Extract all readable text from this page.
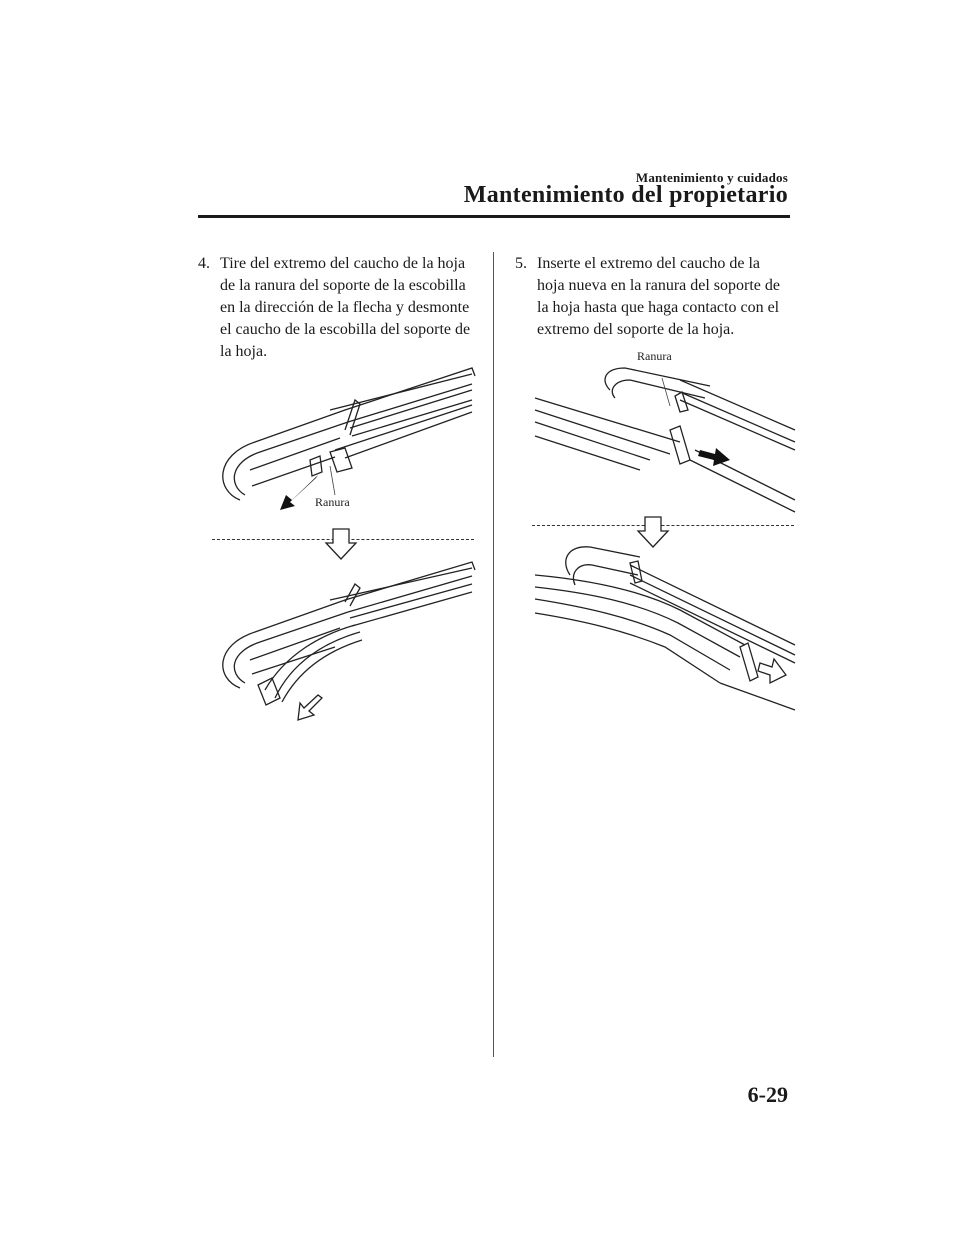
Mantenimiento y cuidados
Mantenimiento del propietario
4. Tire del extremo del caucho de la hoja
de la ranura del soporte de la escobilla
en la dirección de la flecha y desmonte
el caucho de la escobilla del soporte de
la hoja.
5. Inserte el extremo del caucho de la
hoja nueva en la ranura del soporte de
la hoja hasta que haga contacto con el
extremo del soporte de la hoja.
Ranura
Ranura
6-29
